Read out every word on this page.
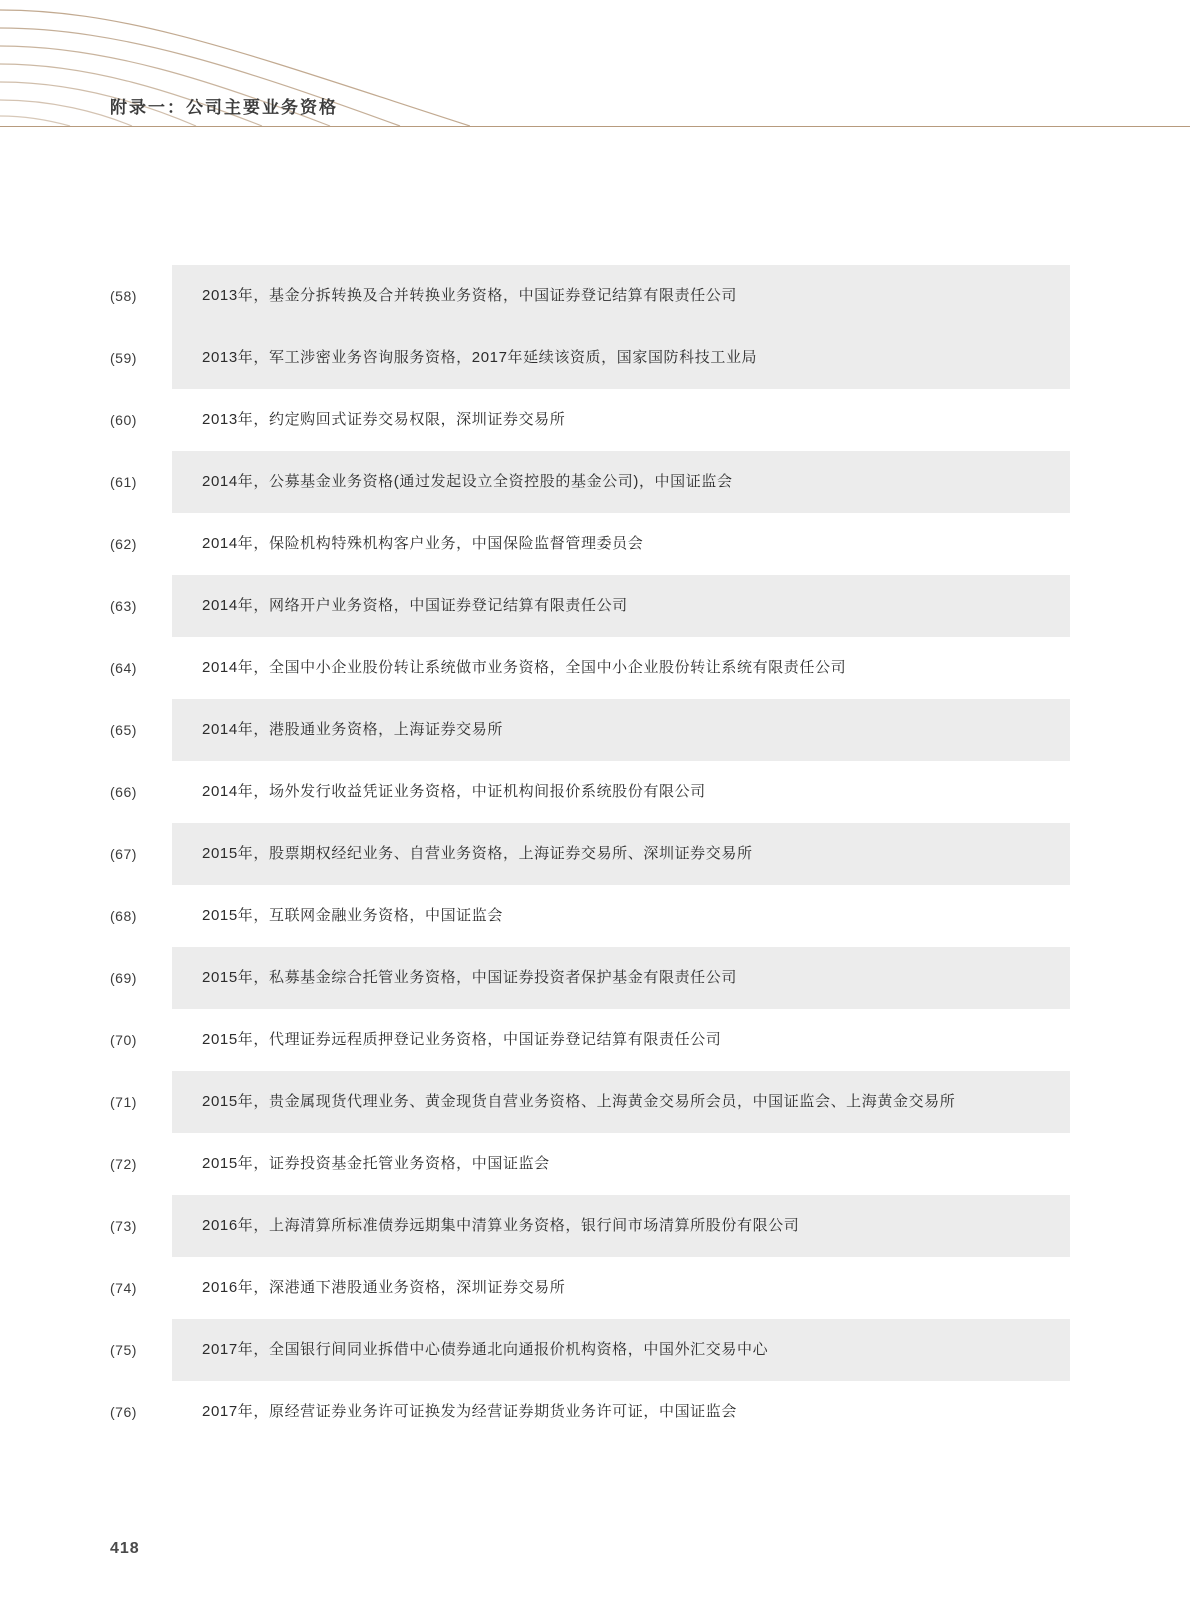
附录一：公司主要业务资格
(58)	2013年，基金分拆转换及合并转换业务资格，中国证券登记结算有限责任公司
(59)	2013年，军工涉密业务咨询服务资格，2017年延续该资质，国家国防科技工业局
(60)	2013年，约定购回式证券交易权限，深圳证券交易所
(61)	2014年，公募基金业务资格(通过发起设立全资控股的基金公司)，中国证监会
(62)	2014年，保险机构特殊机构客户业务，中国保险监督管理委员会
(63)	2014年，网络开户业务资格，中国证券登记结算有限责任公司
(64)	2014年，全国中小企业股份转让系统做市业务资格，全国中小企业股份转让系统有限责任公司
(65)	2014年，港股通业务资格，上海证券交易所
(66)	2014年，场外发行收益凭证业务资格，中证机构间报价系统股份有限公司
(67)	2015年，股票期权经纪业务、自营业务资格，上海证券交易所、深圳证券交易所
(68)	2015年，互联网金融业务资格，中国证监会
(69)	2015年，私募基金综合托管业务资格，中国证券投资者保护基金有限责任公司
(70)	2015年，代理证券远程质押登记业务资格，中国证券登记结算有限责任公司
(71)	2015年，贵金属现货代理业务、黄金现货自营业务资格、上海黄金交易所会员，中国证监会、上海黄金交易所
(72)	2015年，证券投资基金托管业务资格，中国证监会
(73)	2016年，上海清算所标准债券远期集中清算业务资格，银行间市场清算所股份有限公司
(74)	2016年，深港通下港股通业务资格，深圳证券交易所
(75)	2017年，全国银行间同业拆借中心债券通北向通报价机构资格，中国外汇交易中心
(76)	2017年，原经营证券业务许可证换发为经营证券期货业务许可证，中国证监会
418
